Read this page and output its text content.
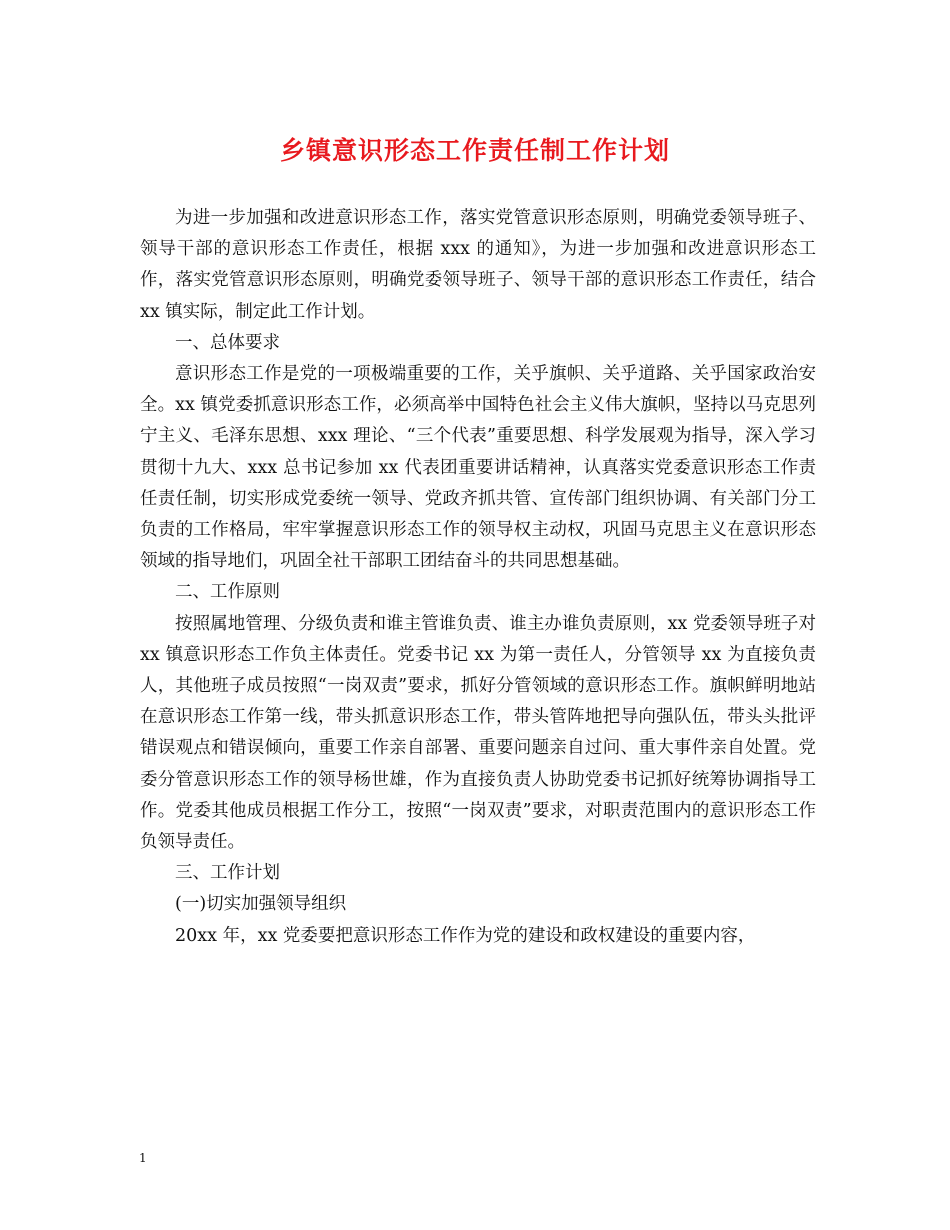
乡镇意识形态工作责任制工作计划

为进一步加强和改进意识形态工作，落实党管意识形态原则，明确党委领导班子、领导干部的意识形态工作责任，根据 xxx 的通知》，为进一步加强和改进意识形态工作，落实党管意识形态原则，明确党委领导班子、领导干部的意识形态工作责任，结合 xx 镇实际，制定此工作计划。

一、总体要求

意识形态工作是党的一项极端重要的工作，关乎旗帜、关乎道路、关乎国家政治安全。xx 镇党委抓意识形态工作，必须高举中国特色社会主义伟大旗帜，坚持以马克思列宁主义、毛泽东思想、xxx 理论、“三个代表”重要思想、科学发展观为指导，深入学习贯彻十九大、xxx 总书记参加 xx 代表团重要讲话精神，认真落实党委意识形态工作责任责任制，切实形成党委统一领导、党政齐抓共管、宣传部门组织协调、有关部门分工负责的工作格局，牢牢掌握意识形态工作的领导权主动权，巩固马克思主义在意识形态领域的指导地们，巩固全社干部职工团结奋斗的共同思想基础。

二、工作原则

按照属地管理、分级负责和谁主管谁负责、谁主办谁负责原则，xx 党委领导班子对 xx 镇意识形态工作负主体责任。党委书记 xx 为第一责任人，分管领导 xx 为直接负责人，其他班子成员按照“一岗双责”要求，抓好分管领域的意识形态工作。旗帜鲜明地站在意识形态工作第一线，带头抓意识形态工作，带头管阵地把导向强队伍，带头头批评错误观点和错误倾向，重要工作亲自部署、重要问题亲自过问、重大事件亲自处置。党委分管意识形态工作的领导杨世雄，作为直接负责人协助党委书记抓好统筹协调指导工作。党委其他成员根据工作分工，按照“一岗双责”要求，对职责范围内的意识形态工作负领导责任。

三、工作计划

(一)切实加强领导组织

20xx 年，xx 党委要把意识形态工作作为党的建设和政权建设的重要内容，

1
